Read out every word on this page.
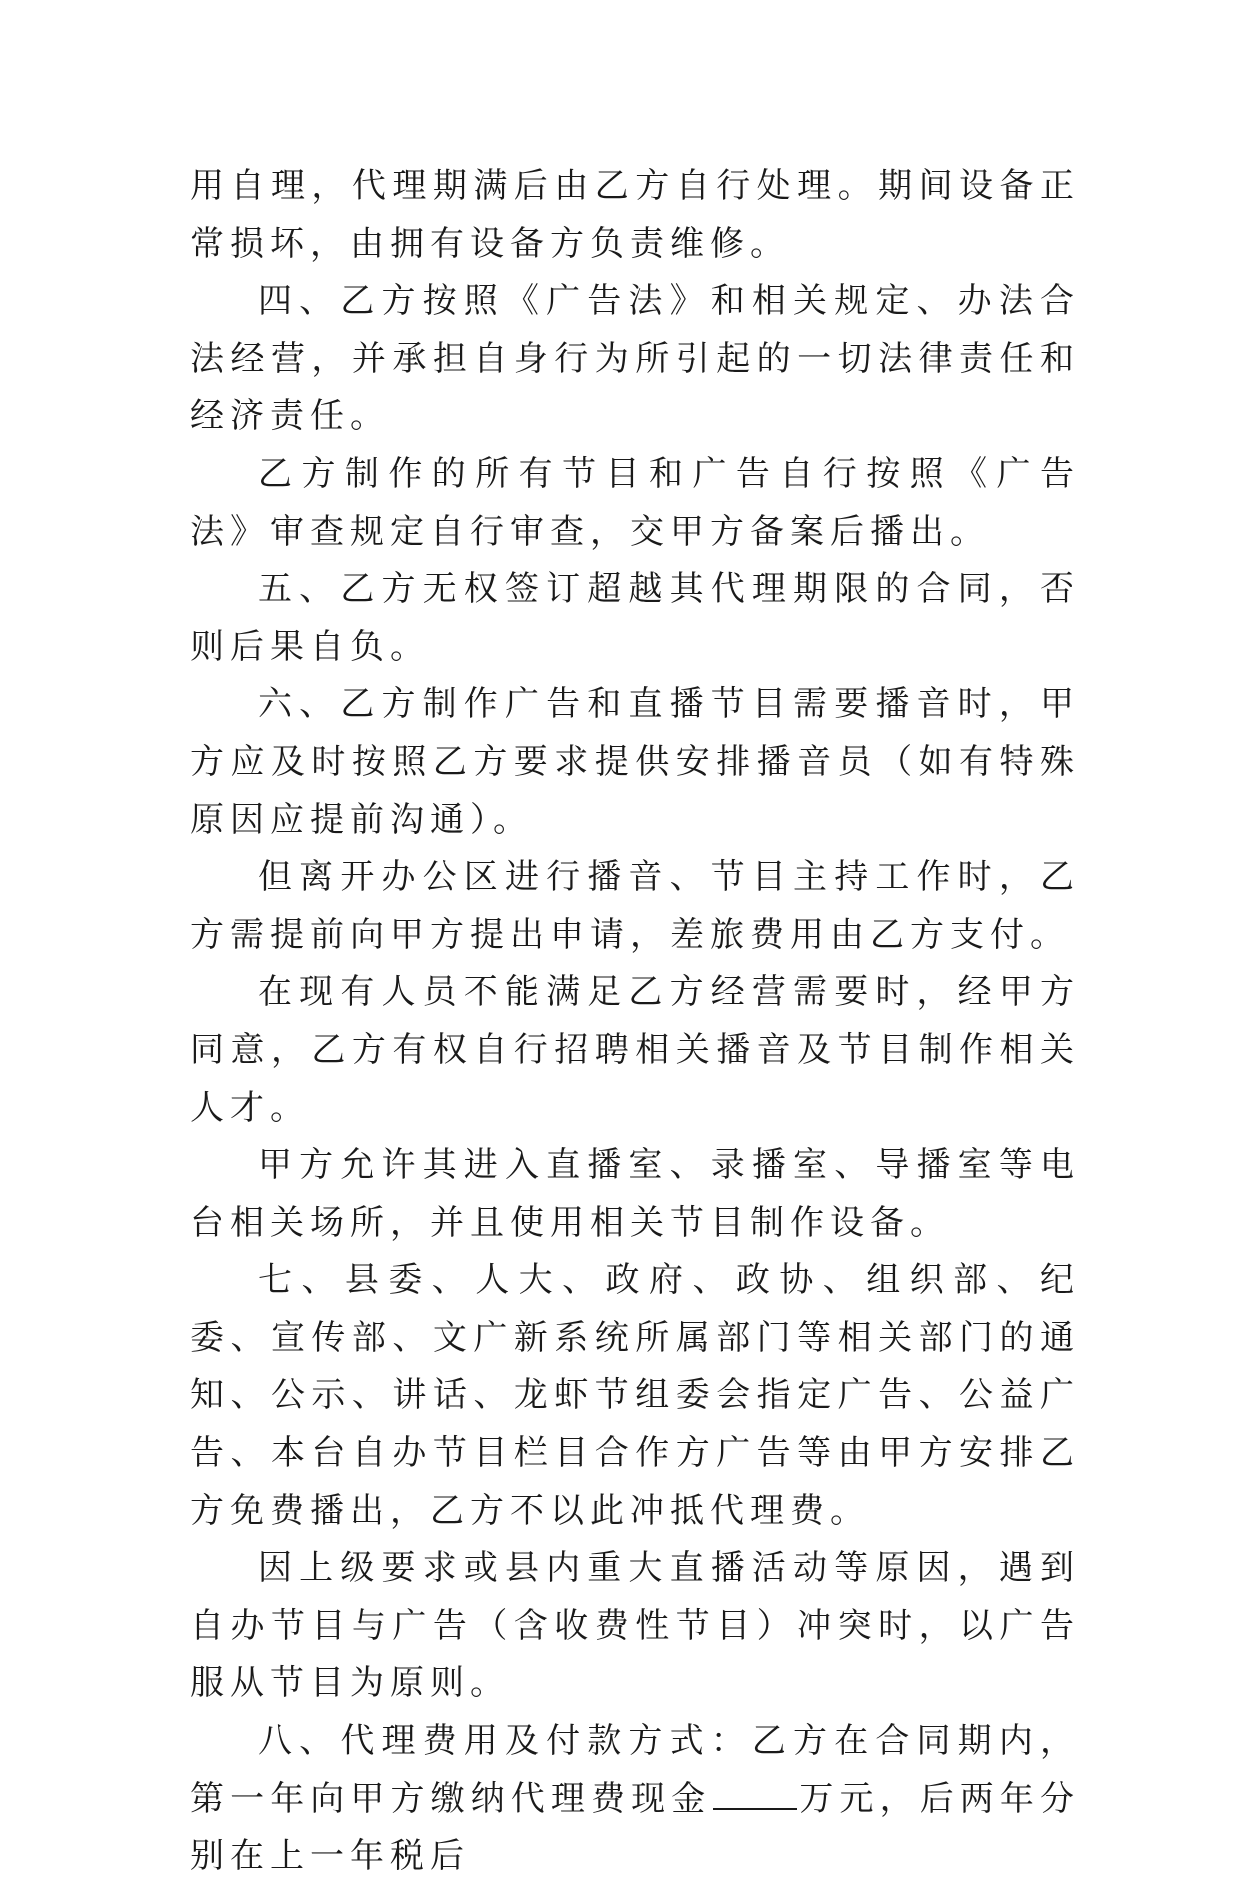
用自理，代理期满后由乙方自行处理。期间设备正常损坏，由拥有设备方负责维修。

四、乙方按照《广告法》和相关规定、办法合法经营，并承担自身行为所引起的一切法律责任和经济责任。

乙方制作的所有节目和广告自行按照《广告法》审查规定自行审查，交甲方备案后播出。

五、乙方无权签订超越其代理期限的合同，否则后果自负。

六、乙方制作广告和直播节目需要播音时，甲方应及时按照乙方要求提供安排播音员（如有特殊原因应提前沟通）。

但离开办公区进行播音、节目主持工作时，乙方需提前向甲方提出申请，差旅费用由乙方支付。

在现有人员不能满足乙方经营需要时，经甲方同意，乙方有权自行招聘相关播音及节目制作相关人才。

甲方允许其进入直播室、录播室、导播室等电台相关场所，并且使用相关节目制作设备。

七、县委、人大、政府、政协、组织部、纪委、宣传部、文广新系统所属部门等相关部门的通知、公示、讲话、龙虾节组委会指定广告、公益广告、本台自办节目栏目合作方广告等由甲方安排乙方免费播出，乙方不以此冲抵代理费。

因上级要求或县内重大直播活动等原因，遇到自办节目与广告（含收费性节目）冲突时，以广告服从节目为原则。

八、代理费用及付款方式：乙方在合同期内，第一年向甲方缴纳代理费现金	万元，后两年分别在上一年税后
